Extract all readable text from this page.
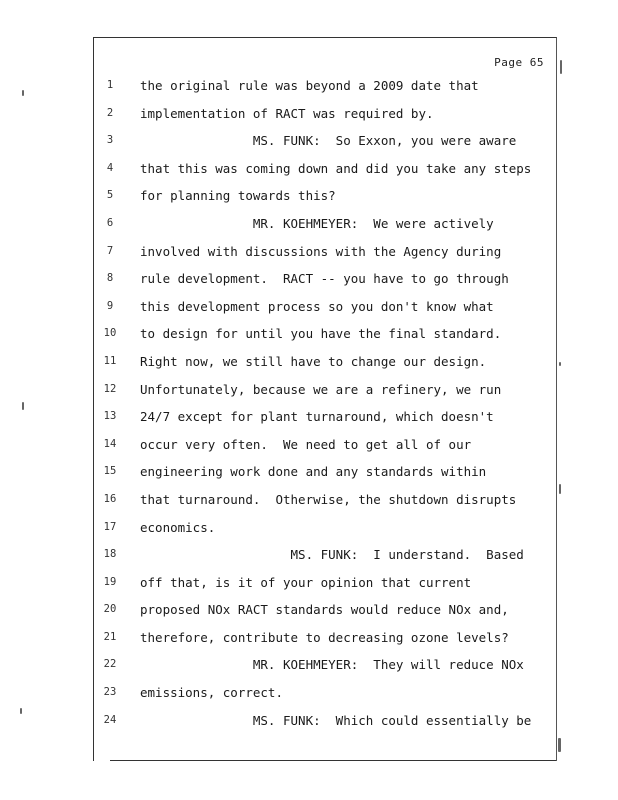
Page 65
1	the original rule was beyond a 2009 date that
2	implementation of RACT was required by.
3	MS. FUNK:  So Exxon, you were aware
4	that this was coming down and did you take any steps
5	for planning towards this?
6	MR. KOEHMEYER:  We were actively
7	involved with discussions with the Agency during
8	rule development.  RACT -- you have to go through
9	this development process so you don't know what
10 to design for until you have the final standard.
11 Right now, we still have to change our design.
12 Unfortunately, because we are a refinery, we run
13 24/7 except for plant turnaround, which doesn't
14 occur very often.  We need to get all of our
15 engineering work done and any standards within
16 that turnaround.  Otherwise, the shutdown disrupts
17 economics.
18 MS. FUNK:  I understand.  Based
19 off that, is it of your opinion that current
20 proposed NOx RACT standards would reduce NOx and,
21 therefore, contribute to decreasing ozone levels?
22 MR. KOEHMEYER:  They will reduce NOx
23 emissions, correct.
24 MS. FUNK:  Which could essentially be
